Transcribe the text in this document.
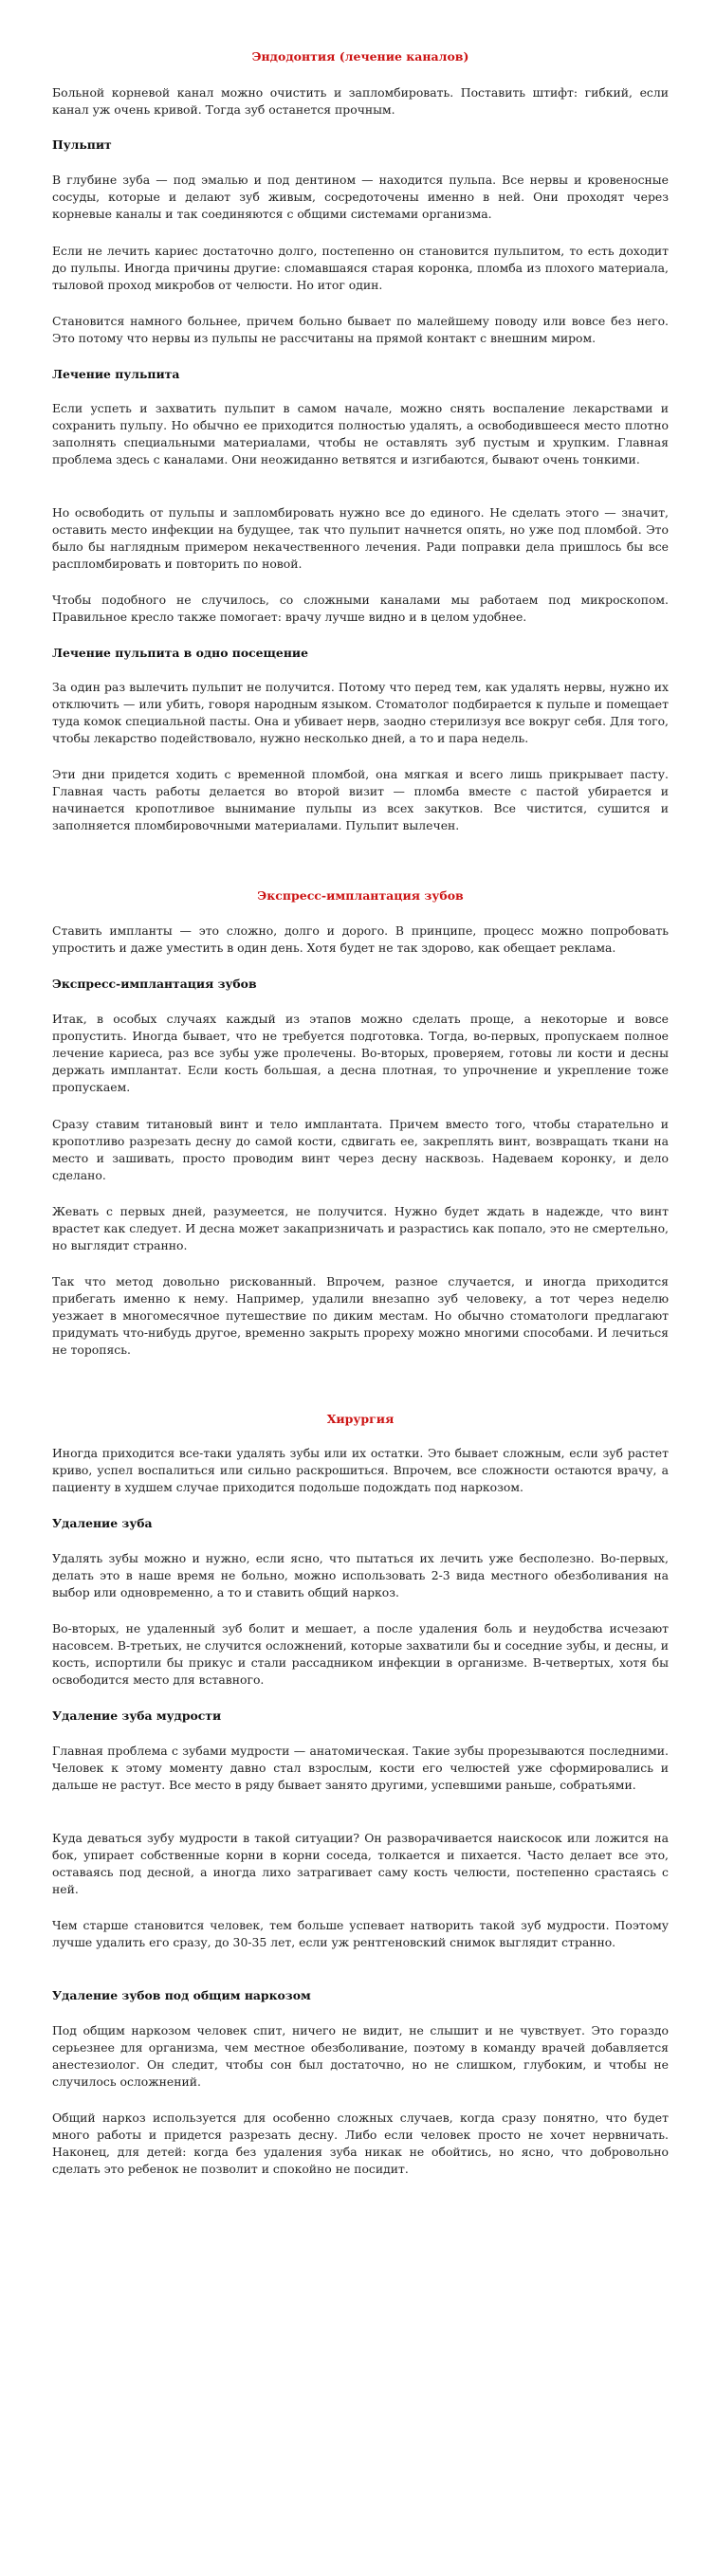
Эндодонтия (лечение каналов)

Больной корневой канал можно очистить и запломбировать. Поставить штифт: гибкий, если канал уж очень кривой. Тогда зуб останется прочным.

Пульпит

В глубине зуба — под эмалью и под дентином — находится пульпа. Все нервы и кровеносные сосуды, которые и делают зуб живым, сосредоточены именно в ней. Они проходят через корневые каналы и так соединяются с общими системами организма.

Если не лечить кариес достаточно долго, постепенно он становится пульпитом, то есть доходит до пульпы. Иногда причины другие: сломавшаяся старая коронка, пломба из плохого материала, тыловой проход микробов от челюсти. Но итог один.

Становится намного больнее, причем больно бывает по малейшему поводу или вовсе без него. Это потому что нервы из пульпы не рассчитаны на прямой контакт с внешним миром.

Лечение пульпита

Если успеть и захватить пульпит в самом начале, можно снять воспаление лекарствами и сохранить пульпу. Но обычно ее приходится полностью удалять, а освободившееся место плотно заполнять специальными материалами, чтобы не оставлять зуб пустым и хрупким. Главная проблема здесь с каналами. Они неожиданно ветвятся и изгибаются, бывают очень тонкими.

Но освободить от пульпы и запломбировать нужно все до единого. Не сделать этого — значит, оставить место инфекции на будущее, так что пульпит начнется опять, но уже под пломбой. Это было бы наглядным примером некачественного лечения. Ради поправки дела пришлось бы все распломбировать и повторить по новой.

Чтобы подобного не случилось, со сложными каналами мы работаем под микроскопом. Правильное кресло также помогает: врачу лучше видно и в целом удобнее.

Лечение пульпита в одно посещение

За один раз вылечить пульпит не получится. Потому что перед тем, как удалять нервы, нужно их отключить — или убить, говоря народным языком. Стоматолог подбирается к пульпе и помещает туда комок специальной пасты. Она и убивает нерв, заодно стерилизуя все вокруг себя. Для того, чтобы лекарство подействовало, нужно несколько дней, а то и пара недель.

Эти дни придется ходить с временной пломбой, она мягкая и всего лишь прикрывает пасту. Главная часть работы делается во второй визит — пломба вместе с пастой убирается и начинается кропотливое вынимание пульпы из всех закутков. Все чистится, сушится и заполняется пломбировочными материалами. Пульпит вылечен.

Экспресс-имплантация зубов

Ставить импланты — это сложно, долго и дорого. В принципе, процесс можно попробовать упростить и даже уместить в один день. Хотя будет не так здорово, как обещает реклама.

Экспресс-имплантация зубов

Итак, в особых случаях каждый из этапов можно сделать проще, а некоторые и вовсе пропустить. Иногда бывает, что не требуется подготовка. Тогда, во-первых, пропускаем полное лечение кариеса, раз все зубы уже пролечены. Во-вторых, проверяем, готовы ли кости и десны держать имплантат. Если кость большая, а десна плотная, то упрочнение и укрепление тоже пропускаем.

Сразу ставим титановый винт и тело имплантата. Причем вместо того, чтобы старательно и кропотливо разрезать десну до самой кости, сдвигать ее, закреплять винт, возвращать ткани на место и зашивать, просто проводим винт через десну насквозь. Надеваем коронку, и дело сделано.

Жевать с первых дней, разумеется, не получится. Нужно будет ждать в надежде, что винт врастет как следует. И десна может закапризничать и разрастись как попало, это не смертельно, но выглядит странно.

Так что метод довольно рискованный. Впрочем, разное случается, и иногда приходится прибегать именно к нему. Например, удалили внезапно зуб человеку, а тот через неделю уезжает в многомесячное путешествие по диким местам. Но обычно стоматологи предлагают придумать что-нибудь другое, временно закрыть прореху можно многими способами. И лечиться не торопясь.

Хирургия

Иногда приходится все-таки удалять зубы или их остатки. Это бывает сложным, если зуб растет криво, успел воспалиться или сильно раскрошиться. Впрочем, все сложности остаются врачу, а пациенту в худшем случае приходится подольше подождать под наркозом.

Удаление зуба

Удалять зубы можно и нужно, если ясно, что пытаться их лечить уже бесполезно. Во-первых, делать это в наше время не больно, можно использовать 2-3 вида местного обезболивания на выбор или одновременно, а то и ставить общий наркоз.

Во-вторых, не удаленный зуб болит и мешает, а после удаления боль и неудобства исчезают насовсем. В-третьих, не случится осложнений, которые захватили бы и соседние зубы, и десны, и кость, испортили бы прикус и стали рассадником инфекции в организме. В-четвертых, хотя бы освободится место для вставного.

Удаление зуба мудрости

Главная проблема с зубами мудрости — анатомическая. Такие зубы прорезываются последними. Человек к этому моменту давно стал взрослым, кости его челюстей уже сформировались и дальше не растут. Все место в ряду бывает занято другими, успевшими раньше, собратьями.

Куда деваться зубу мудрости в такой ситуации? Он разворачивается наискосок или ложится на бок, упирает собственные корни в корни соседа, толкается и пихается. Часто делает все это, оставаясь под десной, а иногда лихо затрагивает саму кость челюсти, постепенно срастаясь с ней.

Чем старше становится человек, тем больше успевает натворить такой зуб мудрости. Поэтому лучше удалить его сразу, до 30-35 лет, если уж рентгеновский снимок выглядит странно.

Удаление зубов под общим наркозом

Под общим наркозом человек спит, ничего не видит, не слышит и не чувствует. Это гораздо серьезнее для организма, чем местное обезболивание, поэтому в команду врачей добавляется анестезиолог. Он следит, чтобы сон был достаточно, но не слишком, глубоким, и чтобы не случилось осложнений.

Общий наркоз используется для особенно сложных случаев, когда сразу понятно, что будет много работы и придется разрезать десну. Либо если человек просто не хочет нервничать. Наконец, для детей: когда без удаления зуба никак не обойтись, но ясно, что добровольно сделать это ребенок не позволит и спокойно не посидит.
